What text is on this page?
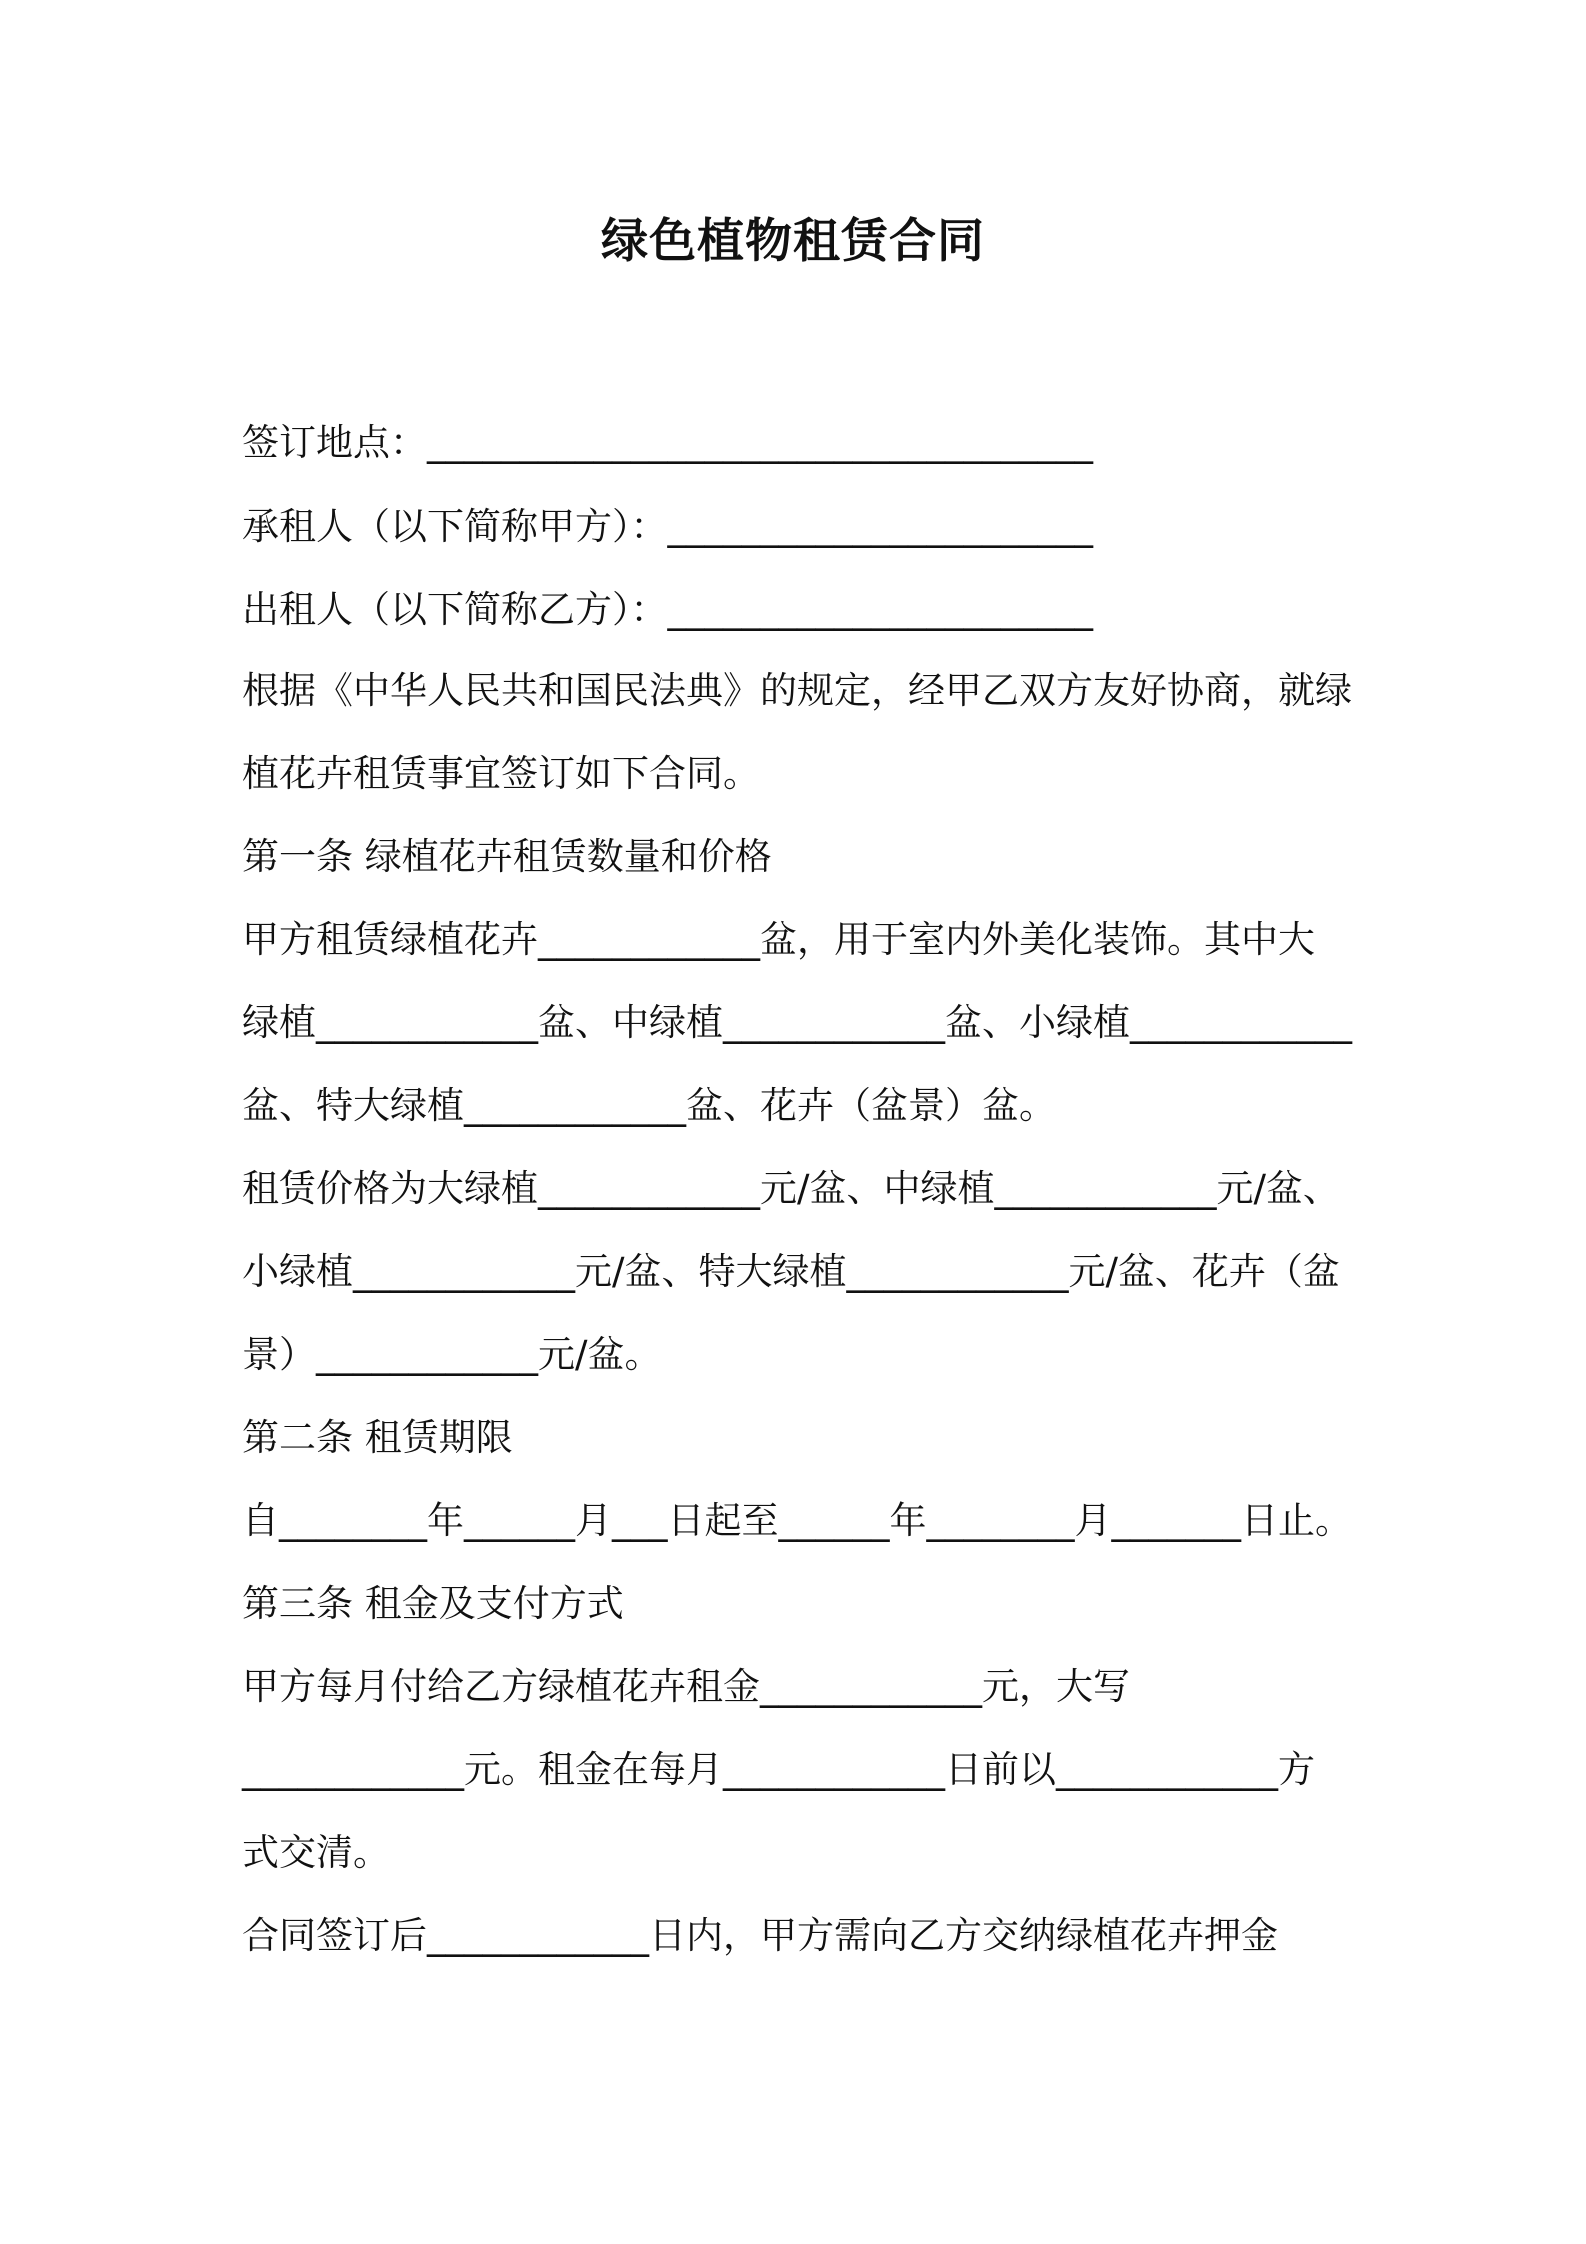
绿色植物租赁合同
签订地点：____________________________________
承租人（以下简称甲方）：_______________________
出租人（以下简称乙方）：_______________________
根据《中华人民共和国民法典》的规定，经甲乙双方友好协商，就绿
植花卉租赁事宜签订如下合同。
第一条 绿植花卉租赁数量和价格
甲方租赁绿植花卉____________盆，用于室内外美化装饰。其中大
绿植____________盆、中绿植____________盆、小绿植____________
盆、特大绿植____________盆、花卉（盆景）盆。
租赁价格为大绿植____________元/盆、中绿植____________元/盆、
小绿植____________元/盆、特大绿植____________元/盆、花卉（盆
景）____________元/盆。
第二条 租赁期限
自________年______月___日起至______年________月_______日止。
第三条 租金及支付方式
甲方每月付给乙方绿植花卉租金____________元，大写
____________元。租金在每月____________日前以____________方
式交清。
合同签订后____________日内，甲方需向乙方交纳绿植花卉押金
